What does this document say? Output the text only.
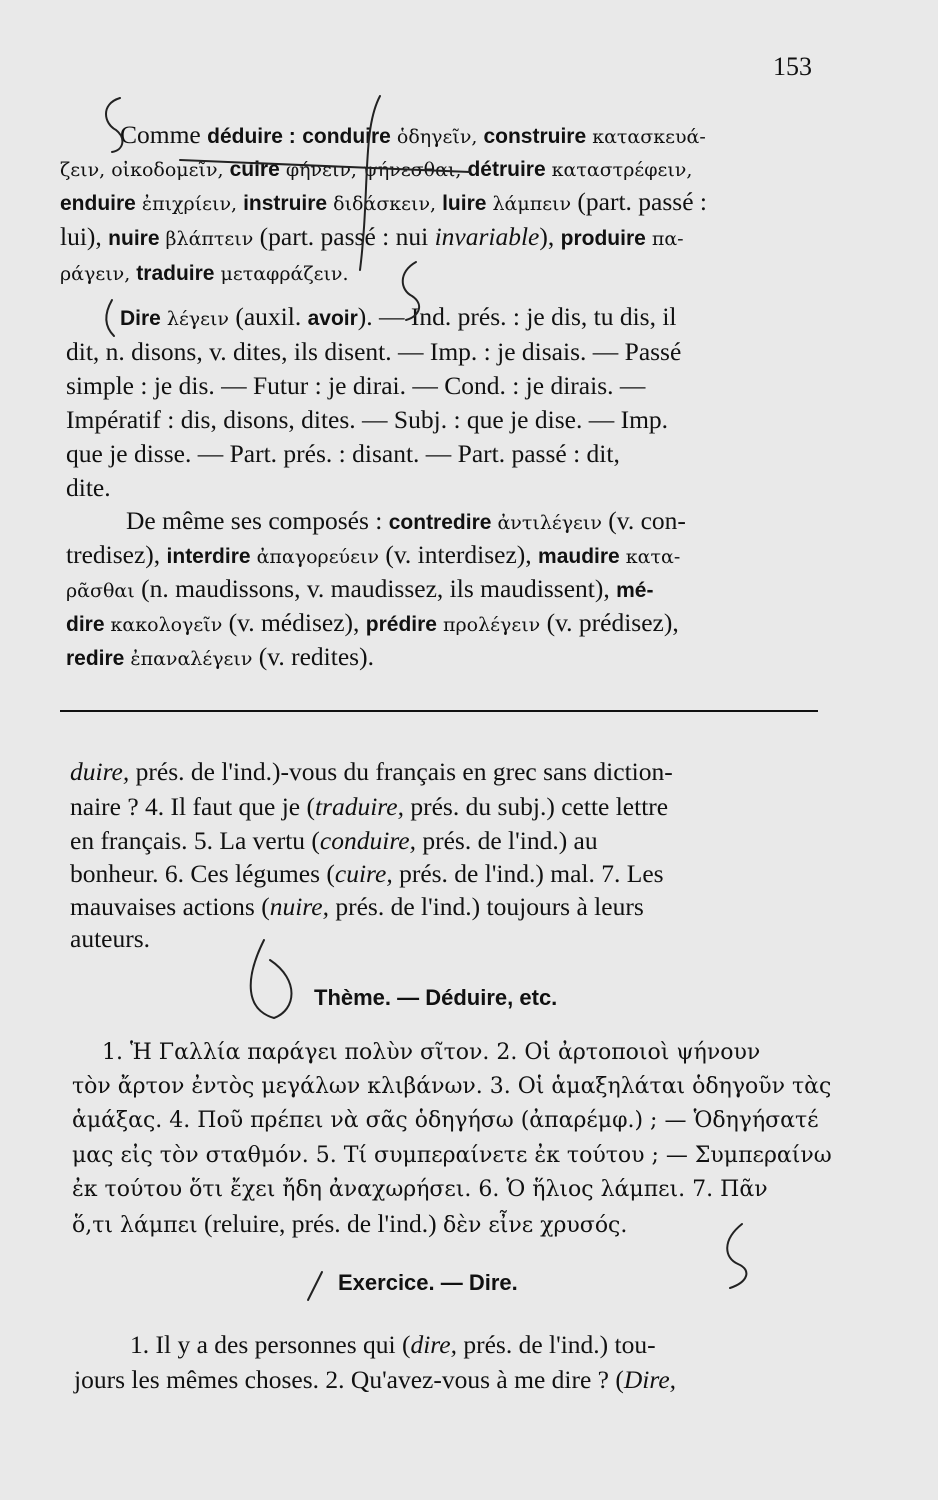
153
Comme déduire : conduire ὁδηγεῖν, construire κατασκευά-
ζειν, οἰκοδομεῖν, cuire φήνειν, ψήνεσθαι, détruire καταστρέφειν,
enduire ἐπιχρίειν, instruire διδάσκειν, luire λάμπειν (part. passé :
lui), nuire βλάπτειν (part. passé : nui invariable), produire πα-
ράγειν, traduire μεταφράζειν.
Dire λέγειν (auxil. avoir). — Ind. prés. : je dis, tu dis, il
dit, n. disons, v. dites, ils disent. — Imp. : je disais. — Passé
simple : je dis. — Futur : je dirai. — Cond. : je dirais. —
Impératif : dis, disons, dites. — Subj. : que je dise. — Imp.
que je disse. — Part. prés. : disant. — Part. passé : dit,
dite.
De même ses composés : contredire ἀντιλέγειν (v. con-
tredisez), interdire ἀπαγορεύειν (v. interdisez), maudire κατα-
ρᾶσθαι (n. maudissons, v. maudissez, ils maudissent), mé-
dire κακολογεῖν (v. médisez), prédire προλέγειν (v. prédisez),
redire ἐπαναλέγειν (v. redites).
duire, prés. de l'ind.)-vous du français en grec sans diction-
naire ? 4. Il faut que je (traduire, prés. du subj.) cette lettre
en français. 5. La vertu (conduire, prés. de l'ind.) au
bonheur. 6. Ces légumes (cuire, prés. de l'ind.) mal. 7. Les
mauvaises actions (nuire, prés. de l'ind.) toujours à leurs
auteurs.
Thème. — Déduire, etc.
1. Ἡ Γαλλία παράγει πολὺν σῖτον. 2. Οἱ ἀρτοποιοὶ ψήνουν
τὸν ἄρτον ἐντὸς μεγάλων κλιβάνων. 3. Οἱ ἁμαξηλάται ὁδηγοῦν τὰς
ἁμάξας. 4. Ποῦ πρέπει νὰ σᾶς ὁδηγήσω (ἀπαρέμφ.) ; — Ὁδηγήσατέ
μας εἰς τὸν σταθμόν. 5. Τί συμπεραίνετε ἐκ τούτου ; — Συμπεραίνω
ἐκ τούτου ὅτι ἔχει ἤδη ἀναχωρήσει. 6. Ὁ ἥλιος λάμπει. 7. Πᾶν
ὅ,τι λάμπει (reluire, prés. de l'ind.) δὲν εἶνε χρυσός.
Exercice. — Dire.
1. Il y a des personnes qui (dire, prés. de l'ind.) tou-
jours les mêmes choses. 2. Qu'avez-vous à me dire ? (Dire,
